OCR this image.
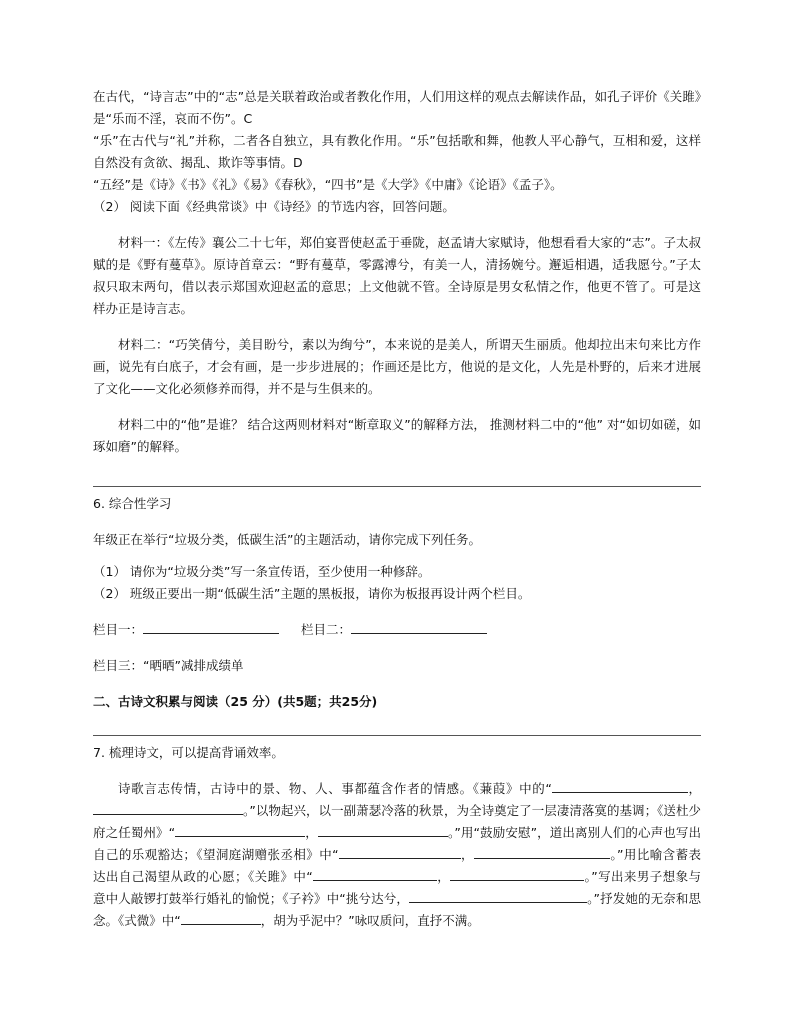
在古代，“诗言志”中的“志”总是关联着政治或者教化作用，人们用这样的观点去解读作品，如孔子评价《关雎》是“乐而不淫，哀而不伤”。C

“乐”在古代与“礼”并称，二者各自独立，具有教化作用。“乐”包括歌和舞，他教人平心静气，互相和爱，这样自然没有贪欲、揭乱、欺诈等事情。D

“五经”是《诗》《书》《礼》《易》《春秋》，“四书”是《大学》《中庸》《论语》《孟子》。

（2） 阅读下面《经典常谈》中《诗经》的节选内容，回答问题。

材料一：《左传》襄公二十七年，郑伯宴晋使赵孟于垂陇，赵孟请大家赋诗，他想看看大家的“志”。子太叔赋的是《野有蔓草》。原诗首章云：“野有蔓草，零露溥兮，有美一人，清扬婉兮。邂逅相遇，适我愿兮。”子太叔只取末两句，借以表示郑国欢迎赵孟的意思；上文他就不管。全诗原是男女私情之作，他更不管了。可是这样办正是诗言志。

材料二：“巧笑倩兮，美目盼兮，素以为绚兮”，本来说的是美人，所谓天生丽质。他却拉出末句来比方作画，说先有白底子，才会有画，是一步步进展的；作画还是比方，他说的是文化，人先是朴野的，后来才进展了文化——文化必须修养而得，并不是与生俱来的。

材料二中的“他”是谁？ 结合这两则材料对“断章取义”的解释方法， 推测材料二中的“他” 对“如切如磋，如琢如磨”的解释。

6. 综合性学习

年级正在举行“垃圾分类，低碳生活”的主题活动，请你完成下列任务。

（1） 请你为“垃圾分类”写一条宣传语，至少使用一种修辞。

（2） 班级正要出一期“低碳生活”主题的黑板报，请你为板报再设计两个栏目。

栏目一：	栏目二：

栏目三：“晒晒”减排成绩单

二、古诗文积累与阅读（25 分）(共5题；共25分)

7. 梳理诗文，可以提高背诵效率。

诗歌言志传情，古诗中的景、物、人、事都蕴含作者的情感。《蒹葭》中的“	，。”以物起兴，以一副萧瑟冷落的秋景，为全诗奠定了一层凄清落寞的基调；《送杜少府之任蜀州》“	，	。”用“鼓励安慰”，道出离别人们的心声也写出自己的乐观豁达；《望洞庭湖赠张丞相》中“	，	。”用比喻含蓄表达出自己渴望从政的心愿；《关雎》中“	，	。”写出来男子想象与意中人敲锣打鼓举行婚礼的愉悦；《子衿》中“挑兮达兮，	。”抒发她的无奈和思念。《式微》中“	，胡为乎泥中？”咏叹质问，直抒不满。
